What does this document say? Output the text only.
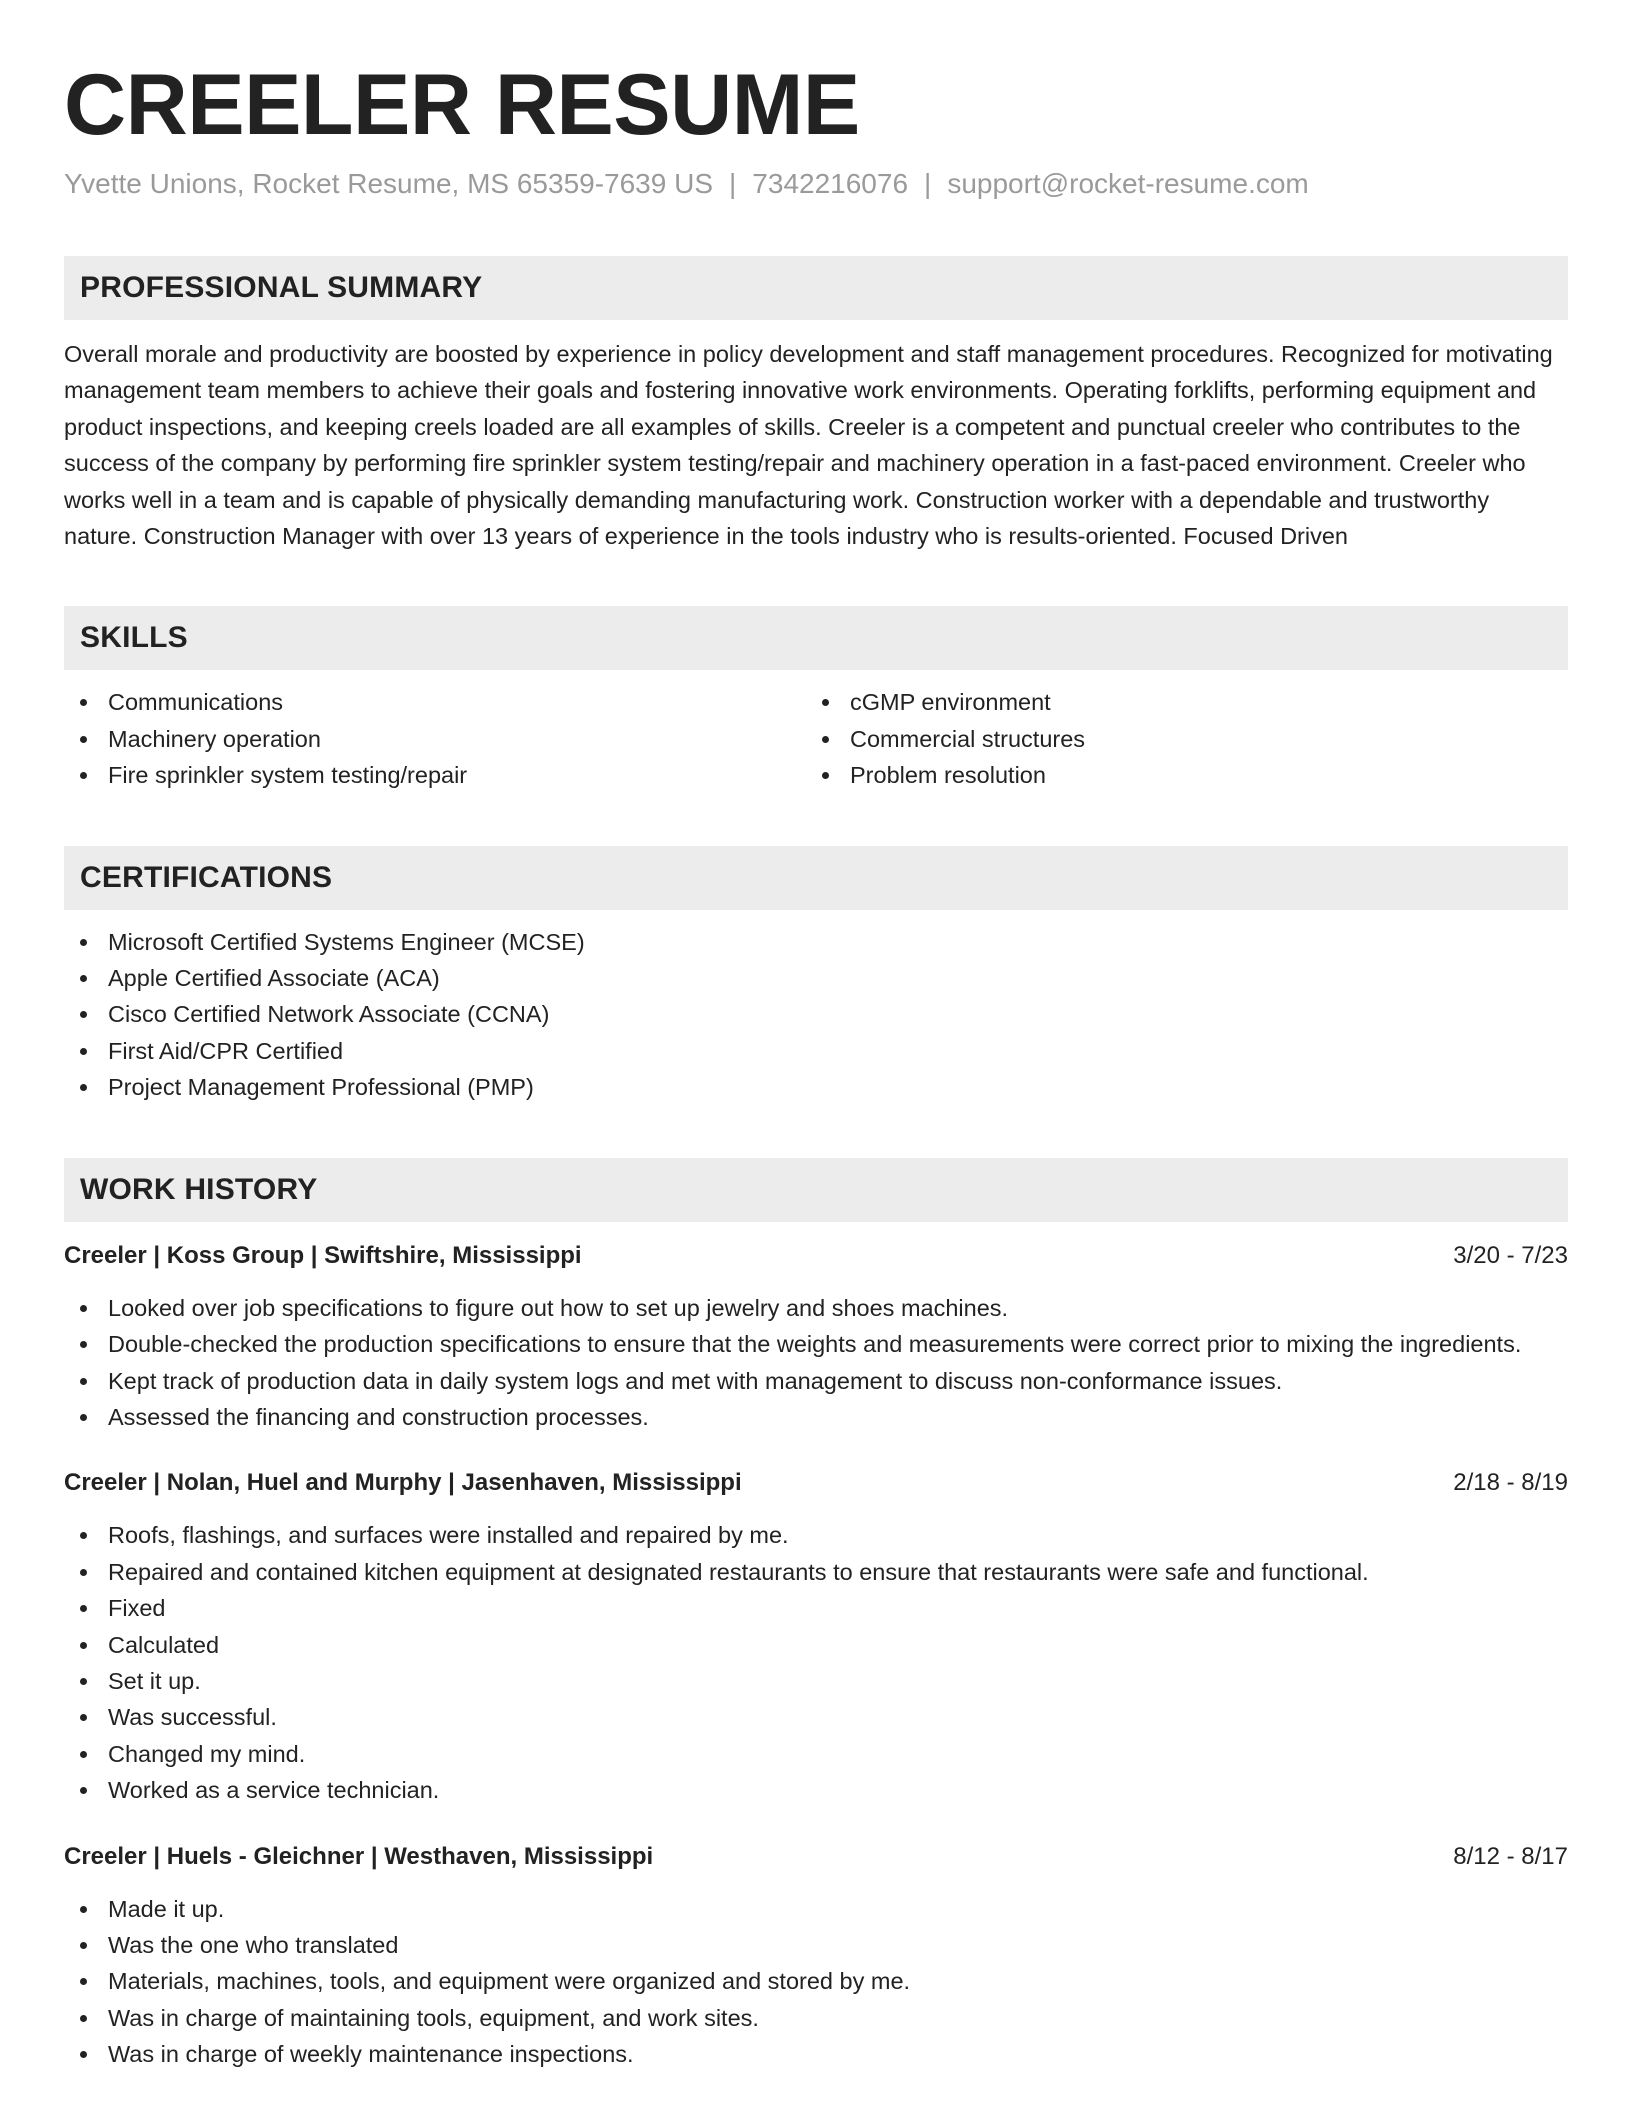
CREELER RESUME
Yvette Unions, Rocket Resume, MS 65359-7639 US | 7342216076 | support@rocket-resume.com
PROFESSIONAL SUMMARY

Overall morale and productivity are boosted by experience in policy development and staff management procedures. Recognized for motivating management team members to achieve their goals and fostering innovative work environments. Operating forklifts, performing equipment and product inspections, and keeping creels loaded are all examples of skills. Creeler is a competent and punctual creeler who contributes to the success of the company by performing fire sprinkler system testing/repair and machinery operation in a fast-paced environment. Creeler who works well in a team and is capable of physically demanding manufacturing work. Construction worker with a dependable and trustworthy nature. Construction Manager with over 13 years of experience in the tools industry who is results-oriented. Focused Driven

SKILLS
Communications
Machinery operation
Fire sprinkler system testing/repair
cGMP environment
Commercial structures
Problem resolution
CERTIFICATIONS
Microsoft Certified Systems Engineer (MCSE)
Apple Certified Associate (ACA)
Cisco Certified Network Associate (CCNA)
First Aid/CPR Certified
Project Management Professional (PMP)
WORK HISTORY
Creeler | Koss Group | Swiftshire, Mississippi	3/20 - 7/23
Looked over job specifications to figure out how to set up jewelry and shoes machines.
Double-checked the production specifications to ensure that the weights and measurements were correct prior to mixing the ingredients.
Kept track of production data in daily system logs and met with management to discuss non-conformance issues.
Assessed the financing and construction processes.
Creeler | Nolan, Huel and Murphy | Jasenhaven, Mississippi	2/18 - 8/19
Roofs, flashings, and surfaces were installed and repaired by me.
Repaired and contained kitchen equipment at designated restaurants to ensure that restaurants were safe and functional.
Fixed
Calculated
Set it up.
Was successful.
Changed my mind.
Worked as a service technician.
Creeler | Huels - Gleichner | Westhaven, Mississippi	8/12 - 8/17
Made it up.
Was the one who translated
Materials, machines, tools, and equipment were organized and stored by me.
Was in charge of maintaining tools, equipment, and work sites.
Was in charge of weekly maintenance inspections.
